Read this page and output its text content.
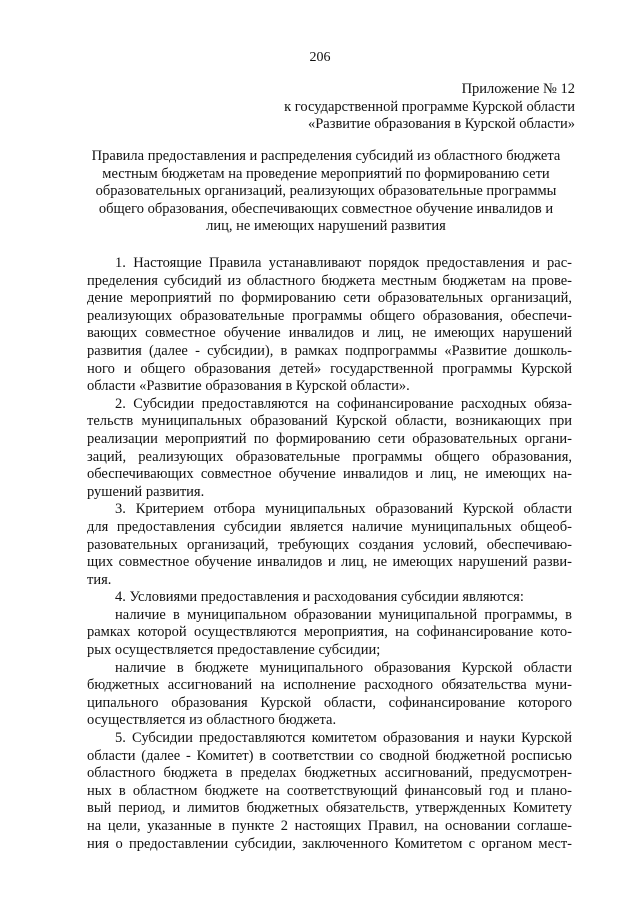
206
Приложение № 12
к государственной программе Курской области
«Развитие образования в Курской области»
Правила предоставления и распределения субсидий из областного бюджета
местным бюджетам на проведение мероприятий по формированию сети
образовательных организаций, реализующих образовательные программы
общего образования, обеспечивающих совместное обучение инвалидов и
лиц, не имеющих нарушений развития
1. Настоящие Правила устанавливают порядок предоставления и рас-
пределения субсидий из областного бюджета местным бюджетам на прове-
дение мероприятий по формированию сети образовательных организаций,
реализующих образовательные программы общего образования, обеспечи-
вающих совместное обучение инвалидов и лиц, не имеющих нарушений
развития (далее - субсидии), в рамках подпрограммы «Развитие дошколь-
ного и общего образования детей» государственной программы Курской
области «Развитие образования в Курской области».
2. Субсидии предоставляются на софинансирование расходных обяза-
тельств муниципальных образований Курской области, возникающих при
реализации мероприятий по формированию сети образовательных органи-
заций, реализующих образовательные программы общего образования,
обеспечивающих совместное обучение инвалидов и лиц, не имеющих на-
рушений развития.
3. Критерием отбора муниципальных образований Курской области
для предоставления субсидии является наличие муниципальных общеоб-
разовательных организаций, требующих создания условий, обеспечиваю-
щих совместное обучение инвалидов и лиц, не имеющих нарушений разви-
тия.
4. Условиями предоставления и расходования субсидии являются:
наличие в муниципальном образовании муниципальной программы, в
рамках которой осуществляются мероприятия, на софинансирование кото-
рых осуществляется предоставление субсидии;
наличие в бюджете муниципального образования Курской области
бюджетных ассигнований на исполнение расходного обязательства муни-
ципального образования Курской области, софинансирование которого
осуществляется из областного бюджета.
5. Субсидии предоставляются комитетом образования и науки Курской
области (далее - Комитет) в соответствии со сводной бюджетной росписью
областного бюджета в пределах бюджетных ассигнований, предусмотрен-
ных в областном бюджете на соответствующий финансовый год и плано-
вый период, и лимитов бюджетных обязательств, утвержденных Комитету
на цели, указанные в пункте 2 настоящих Правил, на основании соглаше-
ния о предоставлении субсидии, заключенного Комитетом с органом мест-
